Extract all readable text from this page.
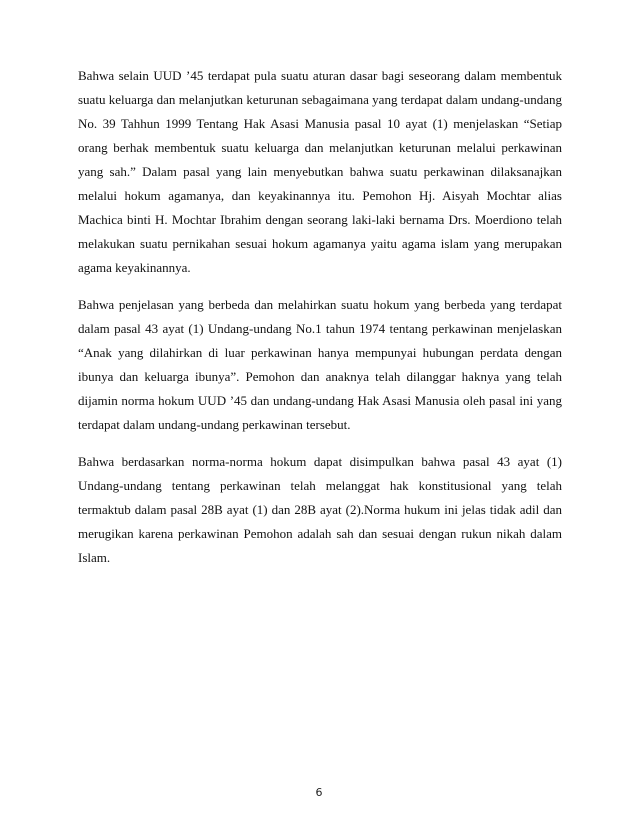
Bahwa selain UUD ’45 terdapat pula suatu aturan dasar bagi seseorang dalam membentuk suatu keluarga dan melanjutkan keturunan sebagaimana yang terdapat dalam undang-undang No. 39 Tahhun 1999 Tentang Hak Asasi Manusia pasal 10 ayat (1) menjelaskan “Setiap orang berhak membentuk suatu keluarga dan melanjutkan keturunan melalui perkawinan yang sah.” Dalam pasal yang lain menyebutkan bahwa suatu perkawinan dilaksanajkan melalui hokum agamanya, dan keyakinannya itu. Pemohon Hj. Aisyah Mochtar alias Machica binti H. Mochtar Ibrahim dengan seorang laki-laki bernama Drs. Moerdiono telah melakukan suatu pernikahan sesuai hokum agamanya yaitu agama islam yang merupakan agama keyakinannya.

Bahwa penjelasan yang berbeda dan melahirkan suatu hokum yang berbeda yang terdapat dalam pasal 43 ayat (1) Undang-undang No.1 tahun 1974 tentang perkawinan menjelaskan “Anak yang dilahirkan di luar perkawinan hanya mempunyai hubungan perdata dengan ibunya dan keluarga ibunya”. Pemohon dan anaknya telah dilanggar haknya yang telah dijamin norma hokum UUD ’45 dan undang-undang Hak Asasi Manusia oleh pasal ini yang terdapat dalam undang-undang perkawinan tersebut.

Bahwa berdasarkan norma-norma hokum dapat disimpulkan bahwa pasal 43 ayat (1) Undang-undang tentang perkawinan telah melanggat hak konstitusional yang telah termaktub dalam pasal 28B ayat (1) dan 28B ayat (2).Norma hukum ini jelas tidak adil dan merugikan karena perkawinan Pemohon adalah sah dan sesuai dengan rukun nikah dalam Islam.

6
